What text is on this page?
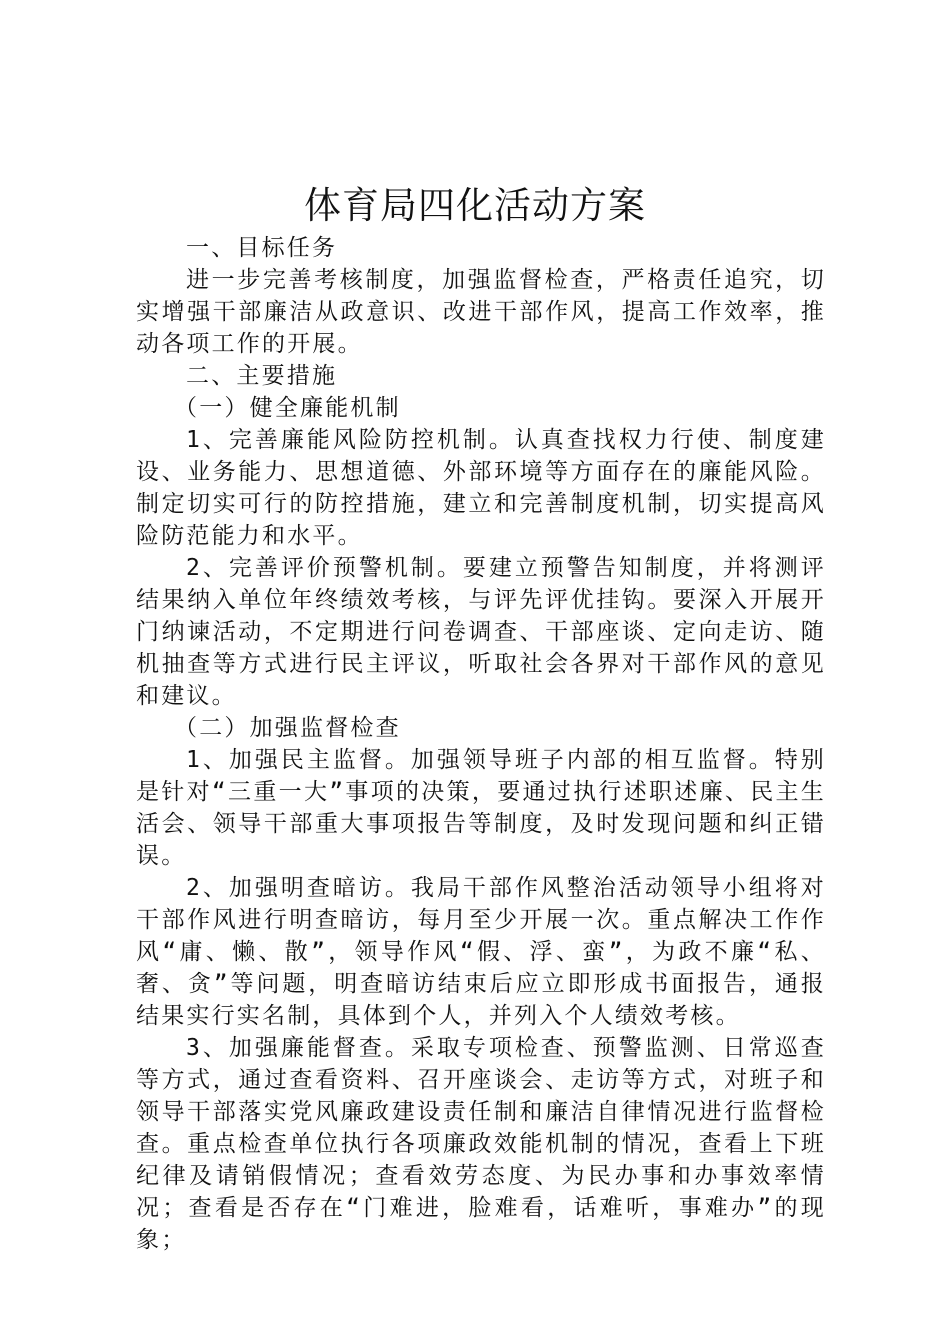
体育局四化活动方案

一、目标任务

进一步完善考核制度，加强监督检查，严格责任追究，切实增强干部廉洁从政意识、改进干部作风，提高工作效率，推动各项工作的开展。

二、主要措施

（一）健全廉能机制

1、完善廉能风险防控机制。认真查找权力行使、制度建设、业务能力、思想道德、外部环境等方面存在的廉能风险。制定切实可行的防控措施，建立和完善制度机制，切实提高风险防范能力和水平。

2、完善评价预警机制。要建立预警告知制度，并将测评结果纳入单位年终绩效考核，与评先评优挂钩。要深入开展开门纳谏活动，不定期进行问卷调查、干部座谈、定向走访、随机抽查等方式进行民主评议，听取社会各界对干部作风的意见和建议。

（二）加强监督检查

1、加强民主监督。加强领导班子内部的相互监督。特别是针对“三重一大”事项的决策，要通过执行述职述廉、民主生活会、领导干部重大事项报告等制度，及时发现问题和纠正错误。

2、加强明查暗访。我局干部作风整治活动领导小组将对干部作风进行明查暗访，每月至少开展一次。重点解决工作作风“庸、懒、散”，领导作风“假、浮、蛮”，为政不廉“私、奢、贪”等问题，明查暗访结束后应立即形成书面报告，通报结果实行实名制，具体到个人，并列入个人绩效考核。

3、加强廉能督查。采取专项检查、预警监测、日常巡查等方式，通过查看资料、召开座谈会、走访等方式，对班子和领导干部落实党风廉政建设责任制和廉洁自律情况进行监督检查。重点检查单位执行各项廉政效能机制的情况，查看上下班纪律及请销假情况；查看效劳态度、为民办事和办事效率情况；查看是否存在“门难进，脸难看，话难听，事难办”的现象；
